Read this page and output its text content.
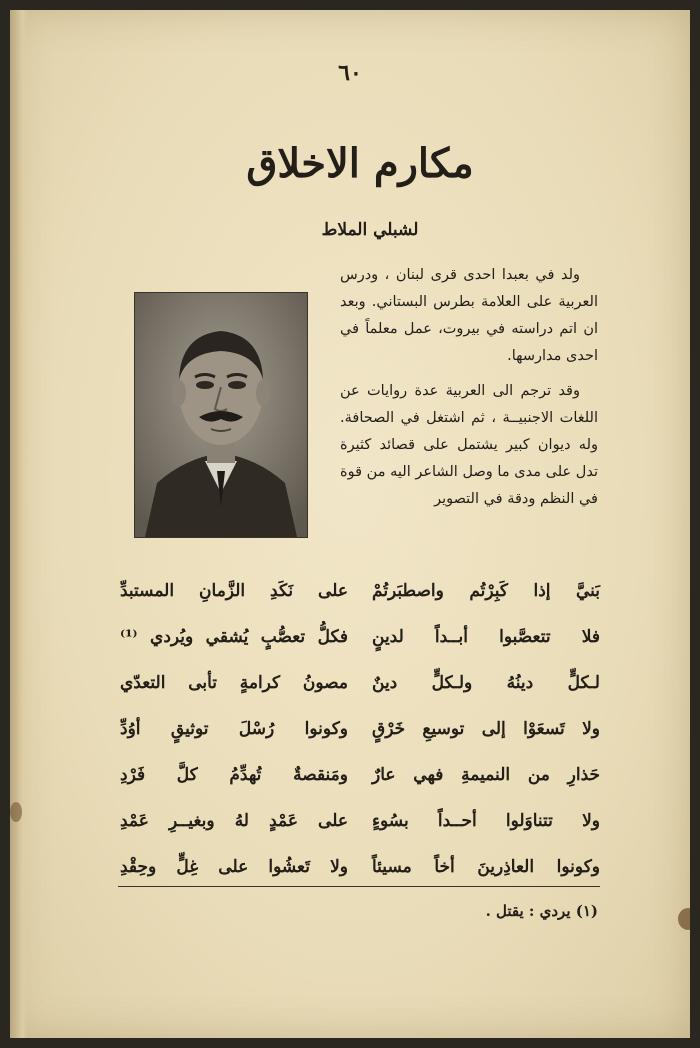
٦٠
مكارم الاخلاق
لشبلي الملاط

ولد في بعبدا احدى قرى لبنان ، ودرس العربية على العلامة بطرس البستاني. وبعد ان اتم دراسته في بيروت، عمل معلماً في احدى مدارسها.

وقد ترجم الى العربية عدة روايات عن اللغات الاجنبيــة ، ثم اشتغل في الصحافة. وله ديوان كبير يشتمل على قصائد كثيرة تدل على مدى ما وصل الشاعر اليه من قوة في النظم ودقة في التصوير

بَنيَّ إذا كَبِرْتُم واصطبَرتُمْ
على نَكَدِ الزَّمانِ المستبدِّ
فلا تتعصَّبوا أبــداً لدينٍ
فكلُّ تعصُّبٍ يُشقي ويُردي ⁽¹⁾
لـكلٍّ دينُهُ ولـكلٍّ دينٌ
مصونُ كرامةٍ تأبى التعدّي
ولا تَسعَوْا إلى توسيعِ خَرْقٍ
وكونوا رُسْلَ توثيقٍ أوُدِّ
حَذارِ من النميمةِ فهي عارٌ
ومَنقصةٌ تُهدِّمُ كلَّ فَرْدِ
ولا تتناوَلوا أحــداً بسُوءٍ
على عَمْدٍ لهُ وبغيــرِ عَمْدِ
وكونوا العاذِرينَ أخاً مسيئاً
ولا تَعشُوا على غِلٍّ وحِقْدِ
(١) يردي : يقتل .
